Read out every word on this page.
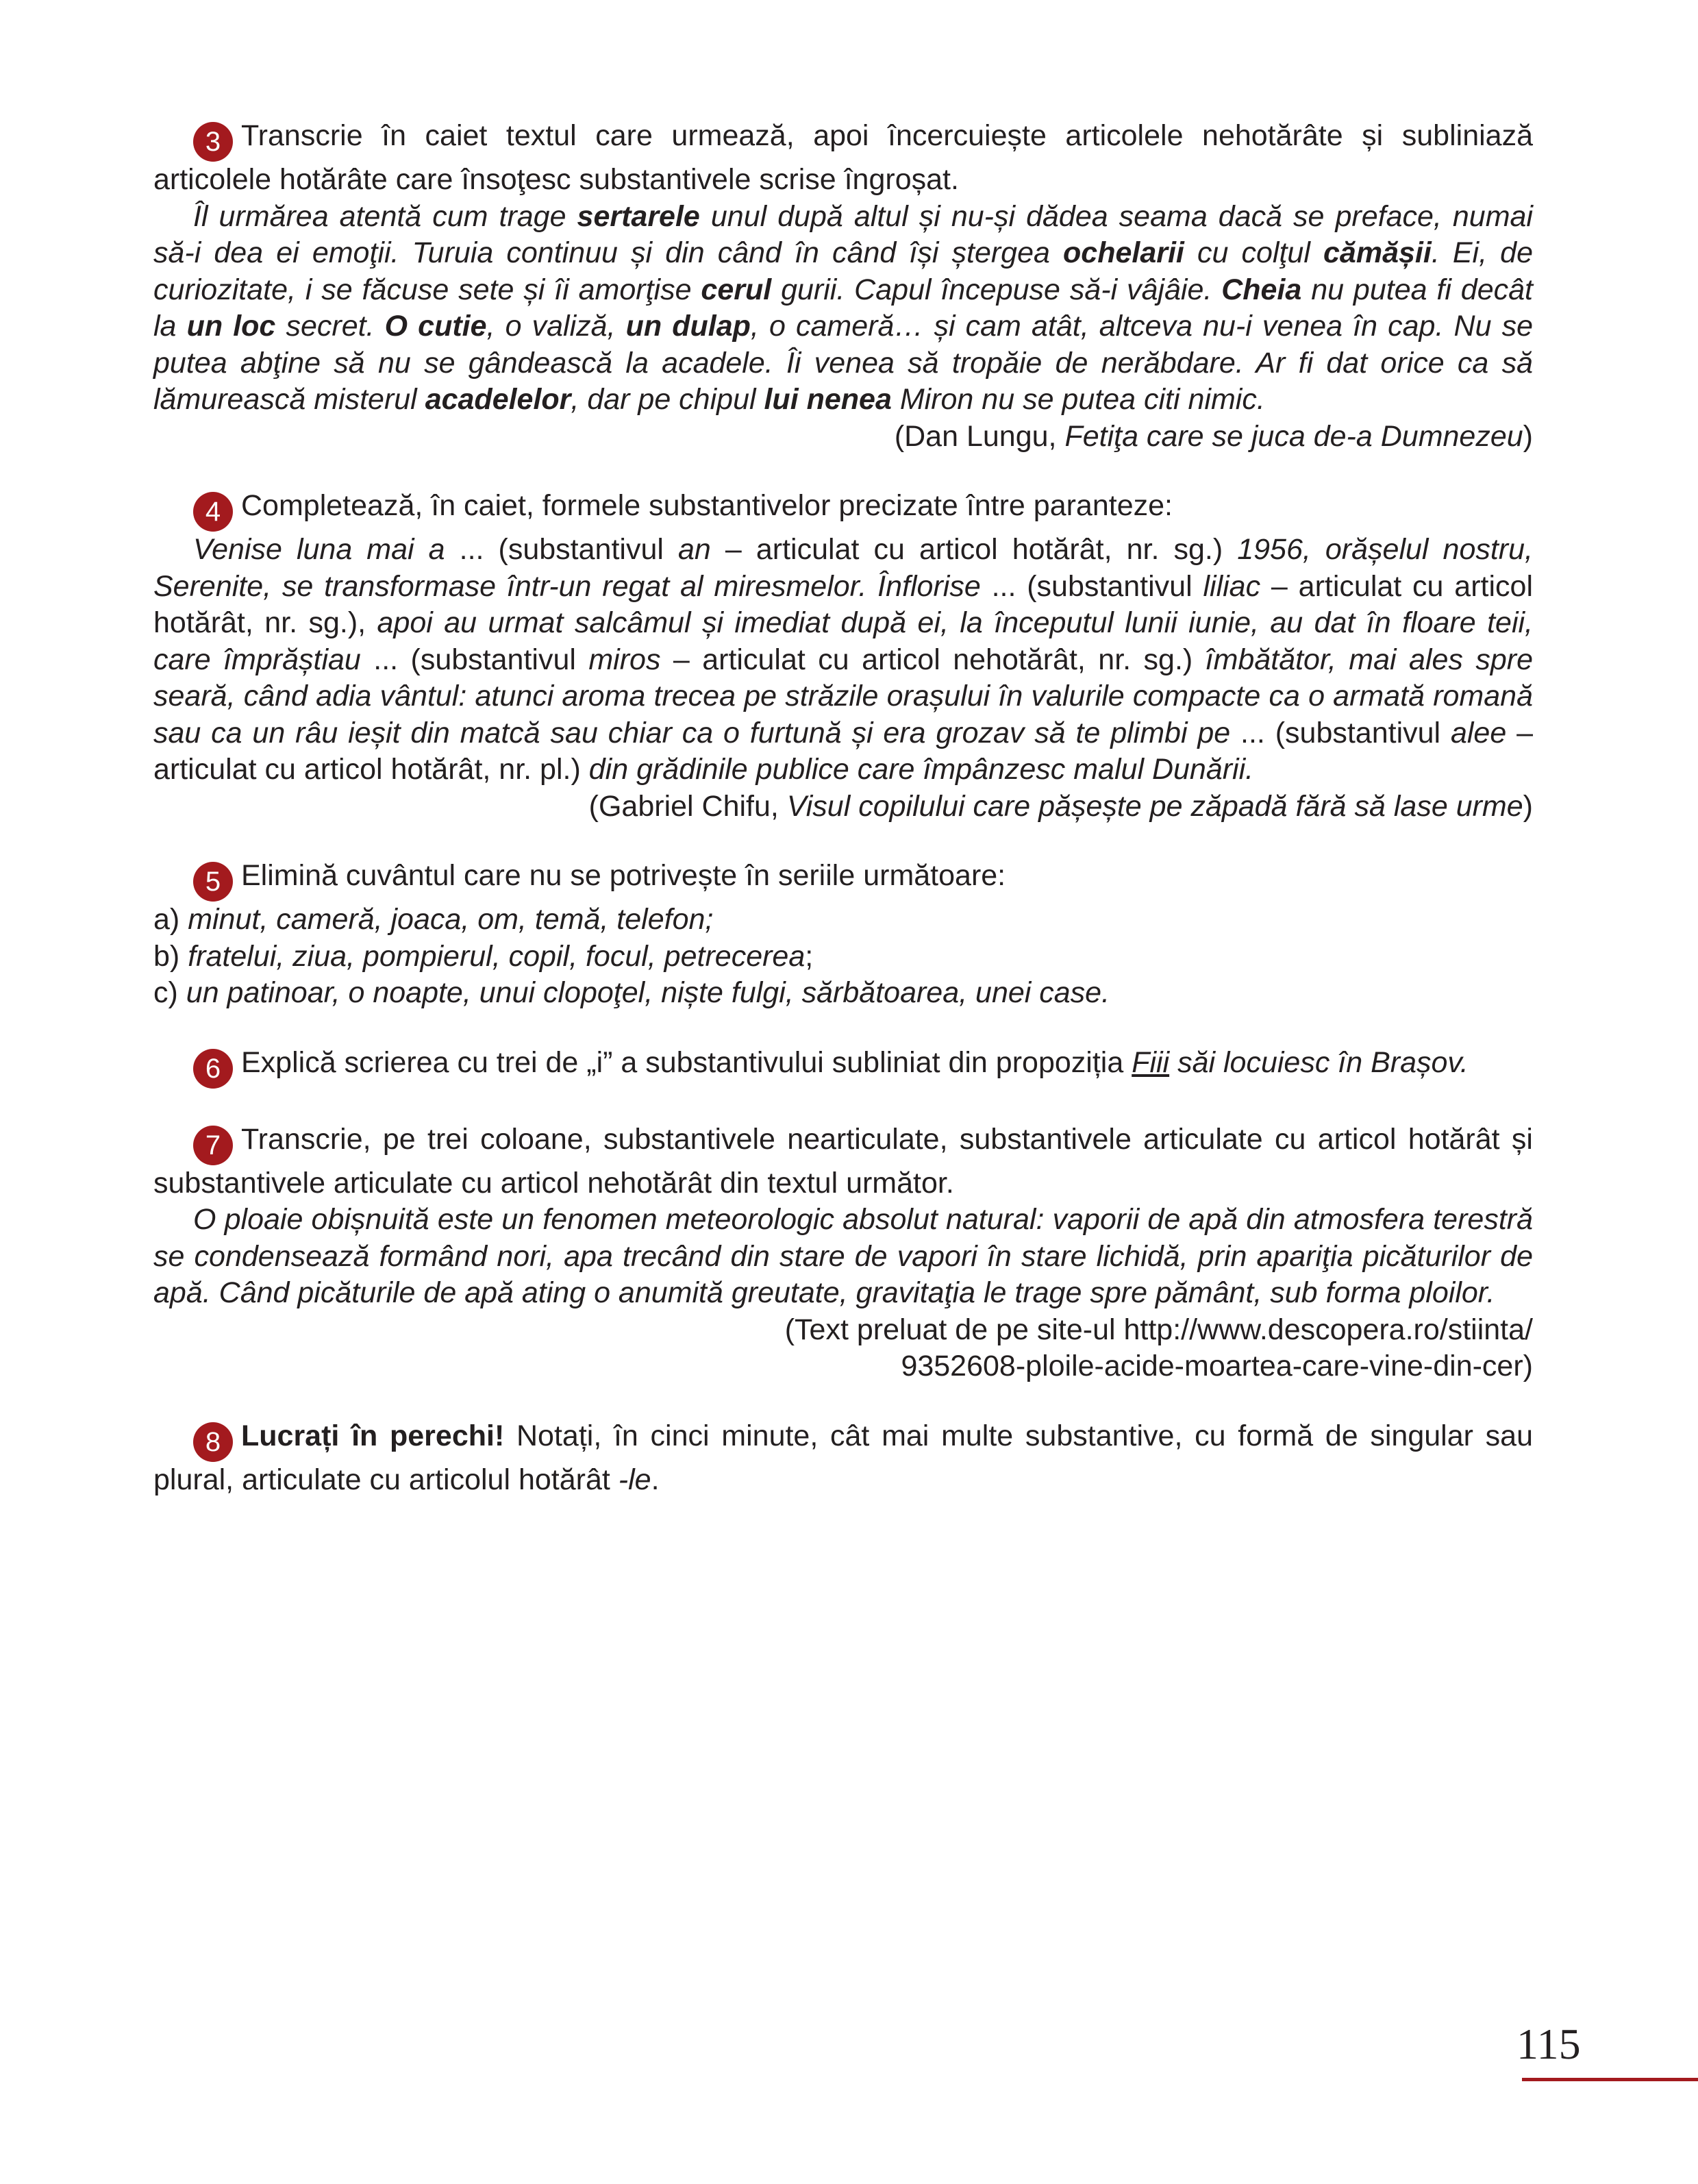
3 Transcrie în caiet textul care urmează, apoi încercuiește articolele nehotărâte și subliniază articolele hotărâte care însoţesc substantivele scrise îngroșat.

Îl urmărea atentă cum trage sertarele unul după altul și nu-și dădea seama dacă se preface, numai să-i dea ei emoţii. Turuia continuu și din când în când își ștergea ochelarii cu colţul cămășii. Ei, de curiozitate, i se făcuse sete și îi amorţise cerul gurii. Capul începuse să-i vâjâie. Cheia nu putea fi decât la un loc secret. O cutie, o valiză, un dulap, o cameră… și cam atât, altceva nu-i venea în cap. Nu se putea abţine să nu se gândească la acadele. Îi venea să tropăie de nerăbdare. Ar fi dat orice ca să lămurească misterul acadelelor, dar pe chipul lui nenea Miron nu se putea citi nimic.

(Dan Lungu, Fetiţa care se juca de-a Dumnezeu)

4 Completează, în caiet, formele substantivelor precizate între paranteze:

Venise luna mai a ... (substantivul an – articulat cu articol hotărât, nr. sg.) 1956, orășelul nostru, Serenite, se transformase într-un regat al miresmelor. Înflorise ... (substantivul liliac – articulat cu articol hotărât, nr. sg.), apoi au urmat salcâmul și imediat după ei, la începutul lunii iunie, au dat în floare teii, care împrăștiau ... (substantivul miros – articulat cu articol nehotărât, nr. sg.) îmbătător, mai ales spre seară, când adia vântul: atunci aroma trecea pe străzile orașului în valurile compacte ca o armată romană sau ca un râu ieșit din matcă sau chiar ca o furtună și era grozav să te plimbi pe ... (substantivul alee – articulat cu articol hotărât, nr. pl.) din grădinile publice care împânzesc malul Dunării.

(Gabriel Chifu, Visul copilului care pășește pe zăpadă fără să lase urme)

5 Elimină cuvântul care nu se potrivește în seriile următoare:

a) minut, cameră, joaca, om, temă, telefon;

b) fratelui, ziua, pompierul, copil, focul, petrecerea;

c) un patinoar, o noapte, unui clopoţel, niște fulgi, sărbătoarea, unei case.

6 Explică scrierea cu trei de „i” a substantivului subliniat din propoziția Fiii săi locuiesc în Brașov.

7 Transcrie, pe trei coloane, substantivele nearticulate, substantivele articulate cu articol hotărât și substantivele articulate cu articol nehotărât din textul următor.

O ploaie obișnuită este un fenomen meteorologic absolut natural: vaporii de apă din atmosfera terestră se condensează formând nori, apa trecând din stare de vapori în stare lichidă, prin apariţia picăturilor de apă. Când picăturile de apă ating o anumită greutate, gravitaţia le trage spre pământ, sub forma ploilor.

(Text preluat de pe site-ul http://www.descopera.ro/stiinta/

9352608-ploile-acide-moartea-care-vine-din-cer)

8 Lucrați în perechi! Notați, în cinci minute, cât mai multe substantive, cu formă de singular sau plural, articulate cu articolul hotărât -le.

115
